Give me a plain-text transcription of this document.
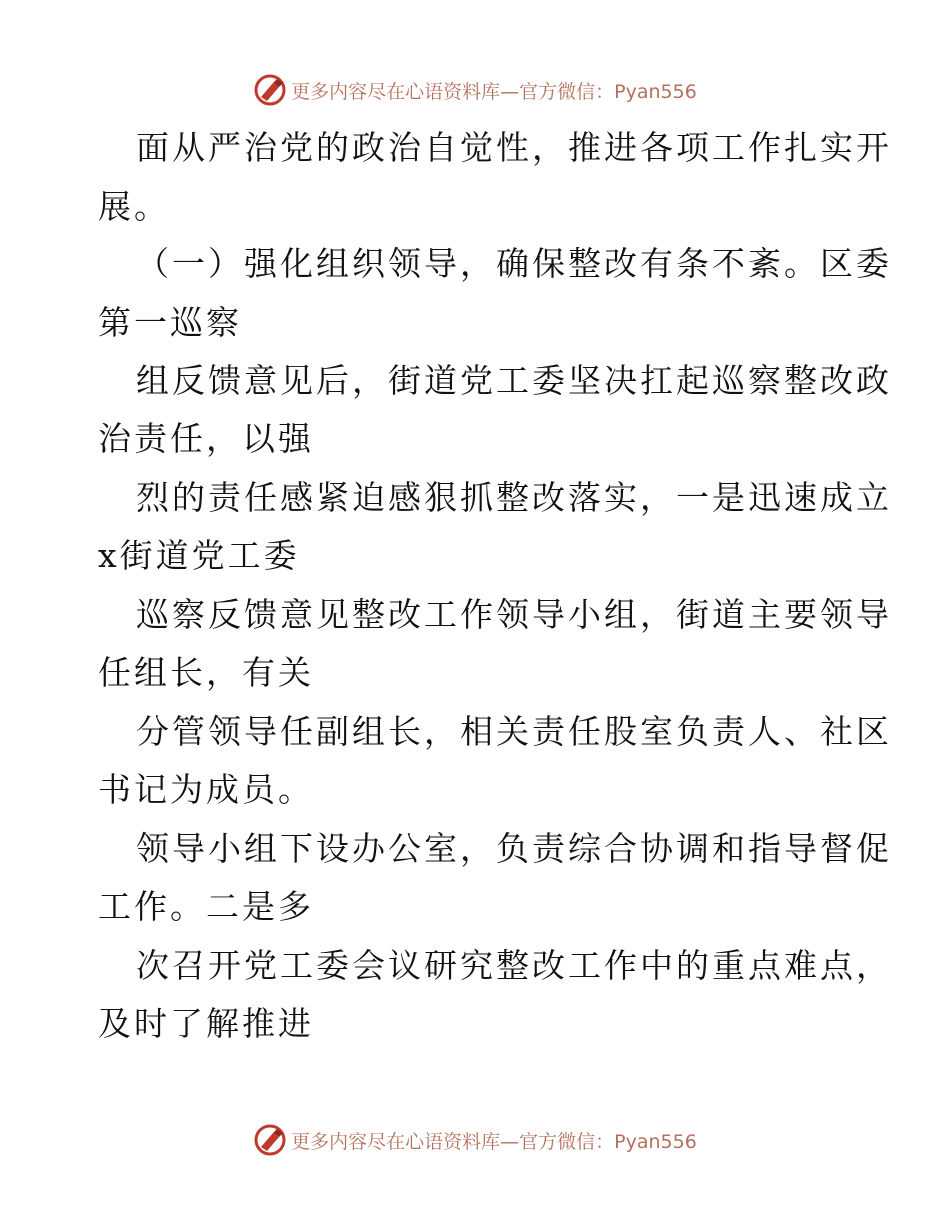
更多内容尽在心语资料库—官方微信：Pyan556
面从严治党的政治自觉性，推进各项工作扎实开
展。
（一）强化组织领导，确保整改有条不紊。区委
第一巡察
组反馈意见后，街道党工委坚决扛起巡察整改政
治责任，以强
烈的责任感紧迫感狠抓整改落实，一是迅速成立
x街道党工委
巡察反馈意见整改工作领导小组，街道主要领导
任组长，有关
分管领导任副组长，相关责任股室负责人、社区
书记为成员。
领导小组下设办公室，负责综合协调和指导督促
工作。二是多
次召开党工委会议研究整改工作中的重点难点，
及时了解推进
更多内容尽在心语资料库—官方微信：Pyan556
